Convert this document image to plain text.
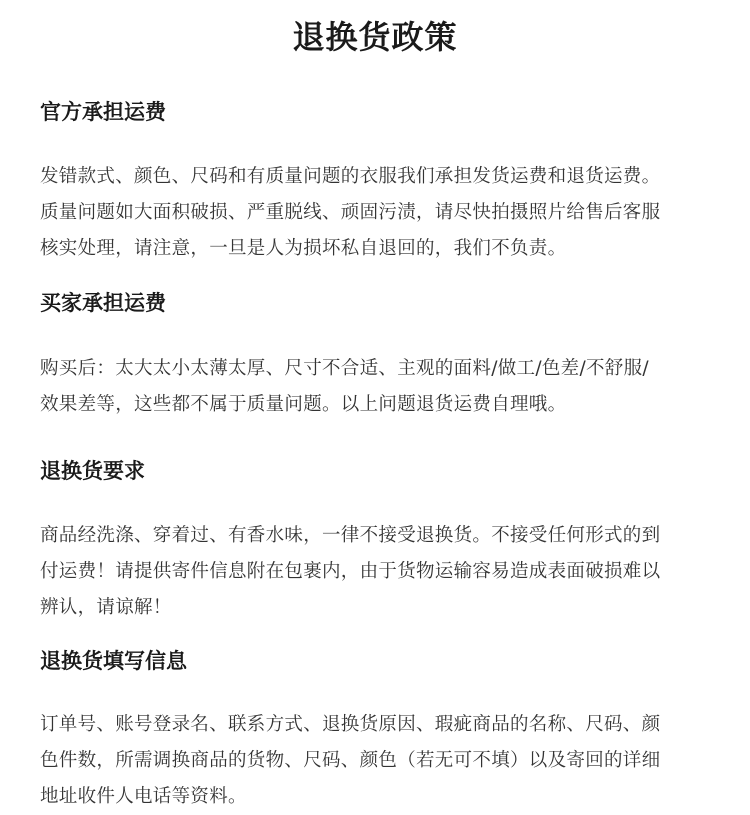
退换货政策
官方承担运费

发错款式、颜色、尺码和有质量问题的衣服我们承担发货运费和退货运费。
质量问题如大面积破损、严重脱线、顽固污渍，请尽快拍摄照片给售后客服
核实处理，请注意，一旦是人为损坏私自退回的，我们不负责。

买家承担运费

购买后：太大太小太薄太厚、尺寸不合适、主观的面料/做工/色差/不舒服/
效果差等，这些都不属于质量问题。以上问题退货运费自理哦。

退换货要求

商品经洗涤、穿着过、有香水味，一律不接受退换货。不接受任何形式的到
付运费！请提供寄件信息附在包裹内，由于货物运输容易造成表面破损难以
辨认，请谅解！

退换货填写信息

订单号、账号登录名、联系方式、退换货原因、瑕疵商品的名称、尺码、颜
色件数，所需调换商品的货物、尺码、颜色（若无可不填）以及寄回的详细
地址收件人电话等资料。
